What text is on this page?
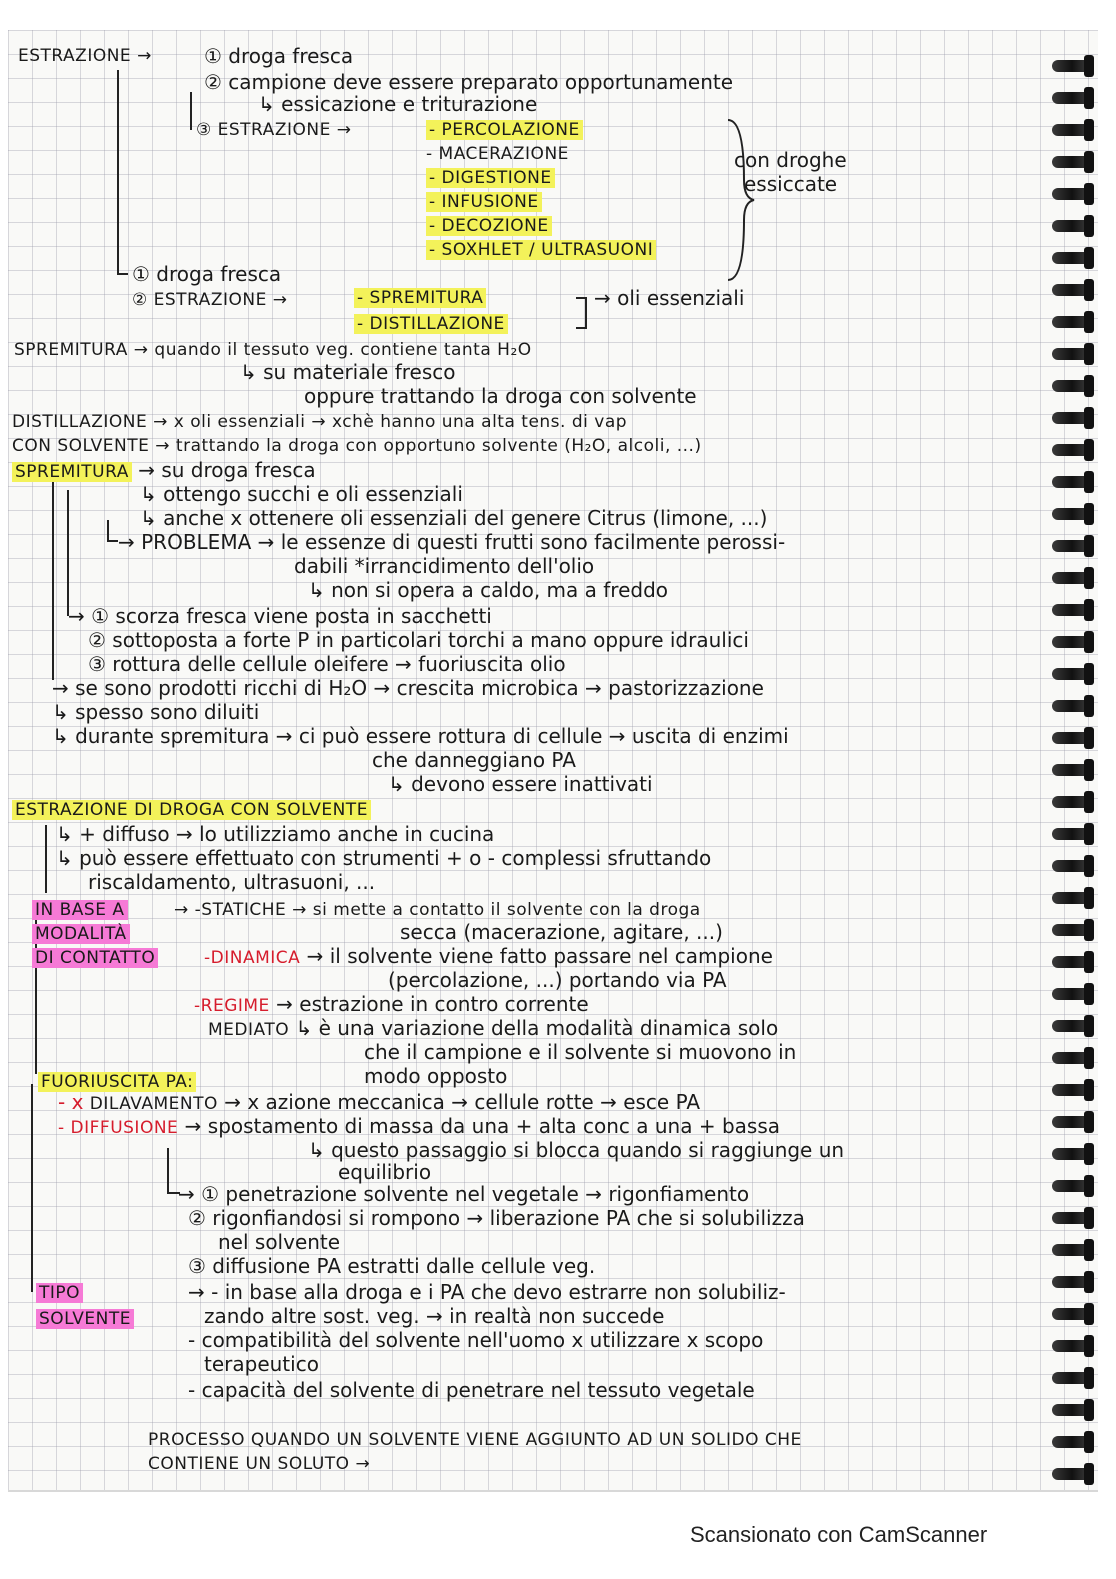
ESTRAZIONE →	① droga fresca
② campione deve essere preparato opportunamente
↳ essicazione e triturazione
③ ESTRAZIONE →	- PERCOLAZIONE
- MACERAZIONE
- DIGESTIONE
- INFUSIONE
- DECOZIONE
- SOXHLET / ULTRASUONI
con droghe
essiccate
① droga fresca
② ESTRAZIONE →	- SPREMITURA
- DISTILLAZIONE
→ oli essenziali
SPREMITURA → quando il tessuto veg. contiene tanta H₂O
↳ su materiale fresco
oppure trattando la droga con solvente
DISTILLAZIONE → x oli essenziali → xchè hanno una alta tens. di vap
CON SOLVENTE → trattando la droga con opportuno solvente (H₂O, alcoli, ...)
SPREMITURA → su droga fresca
↳ ottengo succhi e oli essenziali
↳ anche x ottenere oli essenziali del genere Citrus (limone, ...)
→ PROBLEMA → le essenze di questi frutti sono facilmente perossi-
dabili *irrancidimento dell'olio
↳ non si opera a caldo, ma a freddo
→ ① scorza fresca viene posta in sacchetti
② sottoposta a forte P in particolari torchi a mano oppure idraulici
③ rottura delle cellule oleifere → fuoriuscita olio
→ se sono prodotti ricchi di H₂O → crescita microbica → pastorizzazione
↳ spesso sono diluiti
↳ durante spremitura → ci può essere rottura di cellule → uscita di enzimi
che danneggiano PA
↳ devono essere inattivati
ESTRAZIONE DI DROGA CON SOLVENTE
↳ + diffuso → lo utilizziamo anche in cucina
↳ può essere effettuato con strumenti + o - complessi sfruttando
riscaldamento, ultrasuoni, ...
IN BASE A
MODALITÀ
DI CONTATTO
→ -STATICHE → si mette a contatto il solvente con la droga
secca (macerazione, agitare, ...)
-DINAMICA → il solvente viene fatto passare nel campione
(percolazione, ...) portando via PA
-REGIME → estrazione in contro corrente
MEDIATO ↳ è una variazione della modalità dinamica solo
che il campione e il solvente si muovono in
modo opposto
FUORIUSCITA PA:
- x DILAVAMENTO → x azione meccanica → cellule rotte → esce PA
- DIFFUSIONE → spostamento di massa da una + alta conc a una + bassa
↳ questo passaggio si blocca quando si raggiunge un
equilibrio
→ ① penetrazione solvente nel vegetale → rigonfiamento
② rigonfiandosi si rompono → liberazione PA che si solubilizza
nel solvente
③ diffusione PA estratti dalle cellule veg.
TIPO
SOLVENTE
→ - in base alla droga e i PA che devo estrarre non solubiliz-
zando altre sost. veg. → in realtà non succede
- compatibilità del solvente nell'uomo x utilizzare x scopo
terapeutico
- capacità del solvente di penetrare nel tessuto vegetale
PROCESSO QUANDO UN SOLVENTE VIENE AGGIUNTO AD UN SOLIDO CHE
CONTIENE UN SOLUTO →
Scansionato con CamScanner
